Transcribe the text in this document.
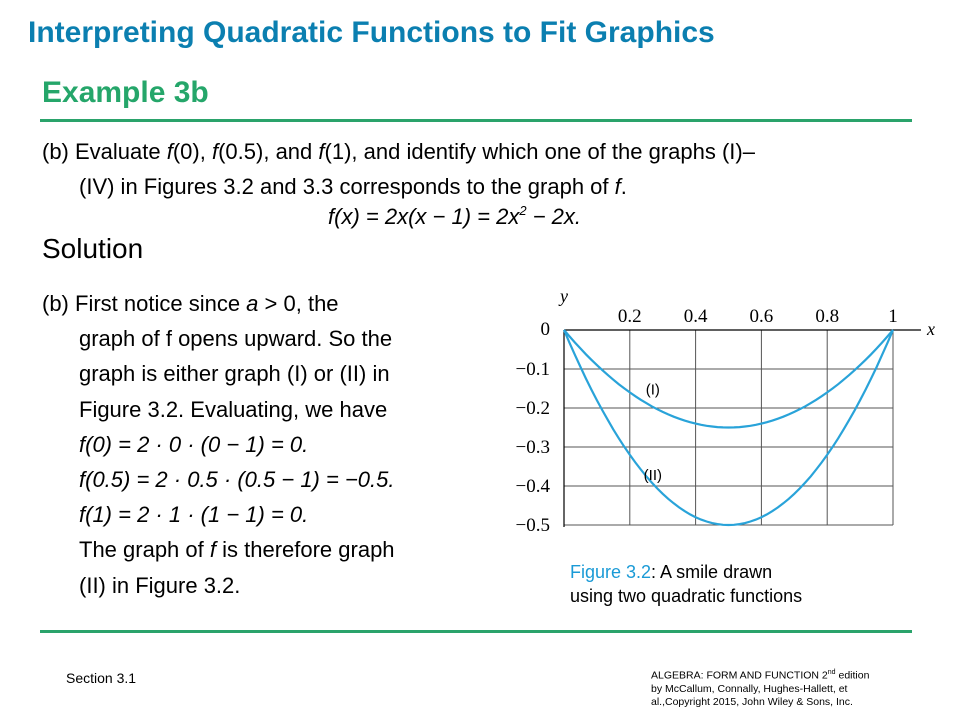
Interpreting Quadratic Functions to Fit Graphics
Example 3b
(b) Evaluate f(0), f(0.5), and f(1), and identify which one of the graphs (I)–
(IV) in Figures 3.2 and 3.3 corresponds to the graph of f.
$f(x) = 2x(x - 1) = 2x^2 - 2x$.
Solution
(b) First notice since a > 0, the
graph of f opens upward. So the
graph is either graph (I) or (II) in
Figure 3.2. Evaluating, we have
f(0) = 2 · 0 · (0 − 1) = 0.
f(0.5) = 2 · 0.5 · (0.5 − 1) = −0.5.
f(1) = 2 · 1 · (1 − 1) = 0.
The graph of f is therefore graph
(II) in Figure 3.2.
0.2 0.4 0.6 0.8	1
0
−0.1
−0.2
−0.3
−0.4
−0.5
y
x
(I)
(II)
Figure 3.2: A smile drawn
using two quadratic functions
Section 3.1	ALGEBRA: FORM AND FUNCTION 2nd edition
by McCallum, Connally, Hughes-Hallett, et
al.,Copyright 2015, John Wiley & Sons, Inc.
